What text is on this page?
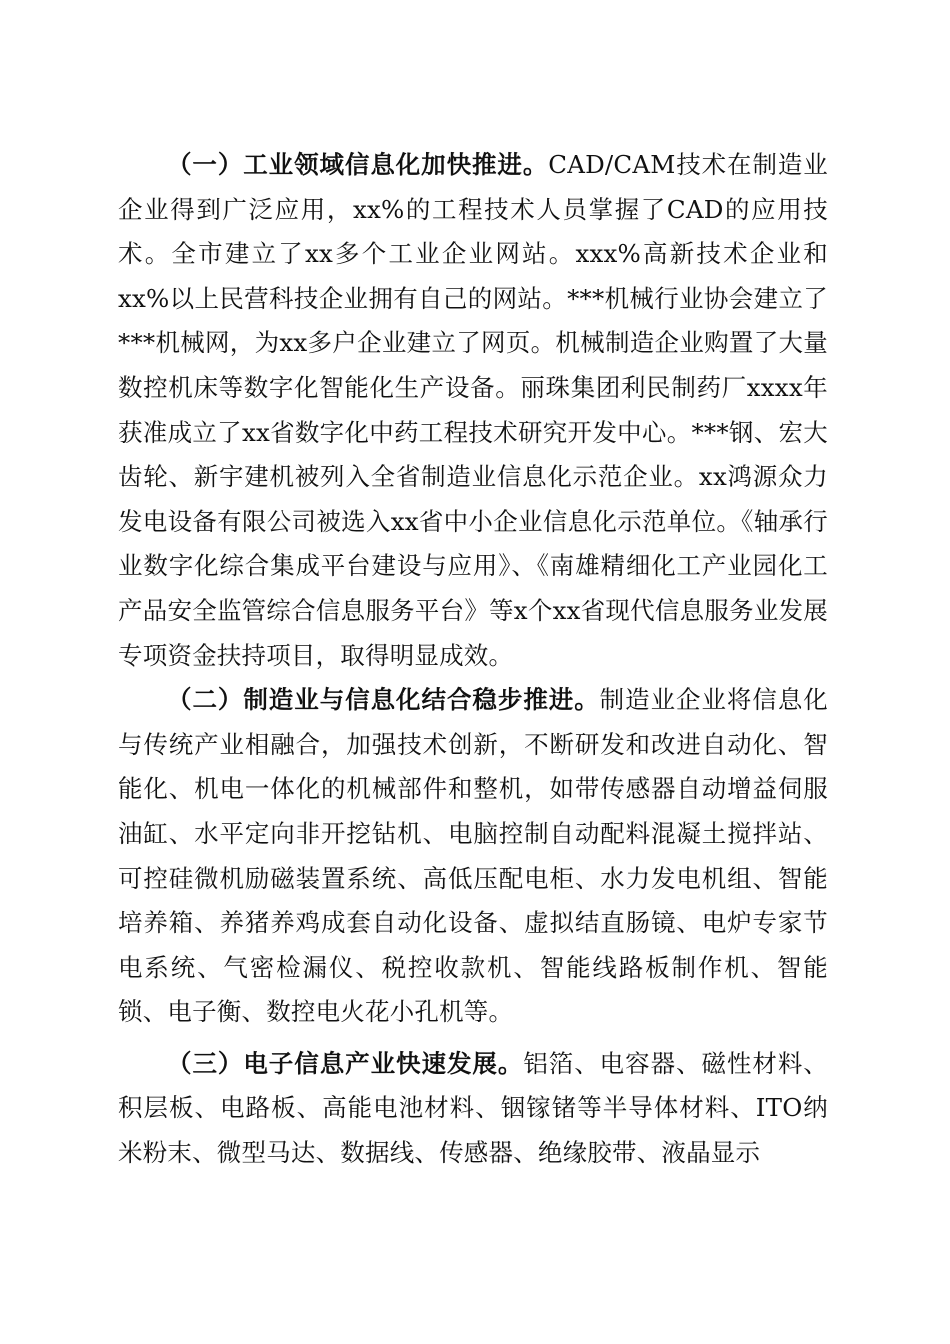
（一）工业领域信息化加快推进。CAD/CAM技术在制造业企业得到广泛应用，xx%的工程技术人员掌握了CAD的应用技术。全市建立了xx多个工业企业网站。xxx%高新技术企业和xx%以上民营科技企业拥有自己的网站。***机械行业协会建立了***机械网，为xx多户企业建立了网页。机械制造企业购置了大量数控机床等数字化智能化生产设备。丽珠集团利民制药厂xxxx年获准成立了xx省数字化中药工程技术研究开发中心。***钢、宏大齿轮、新宇建机被列入全省制造业信息化示范企业。xx鸿源众力发电设备有限公司被选入xx省中小企业信息化示范单位。《轴承行业数字化综合集成平台建设与应用》、《南雄精细化工产业园化工产品安全监管综合信息服务平台》等x个xx省现代信息服务业发展专项资金扶持项目，取得明显成效。

（二）制造业与信息化结合稳步推进。制造业企业将信息化与传统产业相融合，加强技术创新，不断研发和改进自动化、智能化、机电一体化的机械部件和整机，如带传感器自动增益伺服油缸、水平定向非开挖钻机、电脑控制自动配料混凝土搅拌站、可控硅微机励磁装置系统、高低压配电柜、水力发电机组、智能培养箱、养猪养鸡成套自动化设备、虚拟结直肠镜、电炉专家节电系统、气密检漏仪、税控收款机、智能线路板制作机、智能锁、电子衡、数控电火花小孔机等。

（三）电子信息产业快速发展。铝箔、电容器、磁性材料、积层板、电路板、高能电池材料、铟镓锗等半导体材料、ITO纳米粉末、微型马达、数据线、传感器、绝缘胶带、液晶显示
